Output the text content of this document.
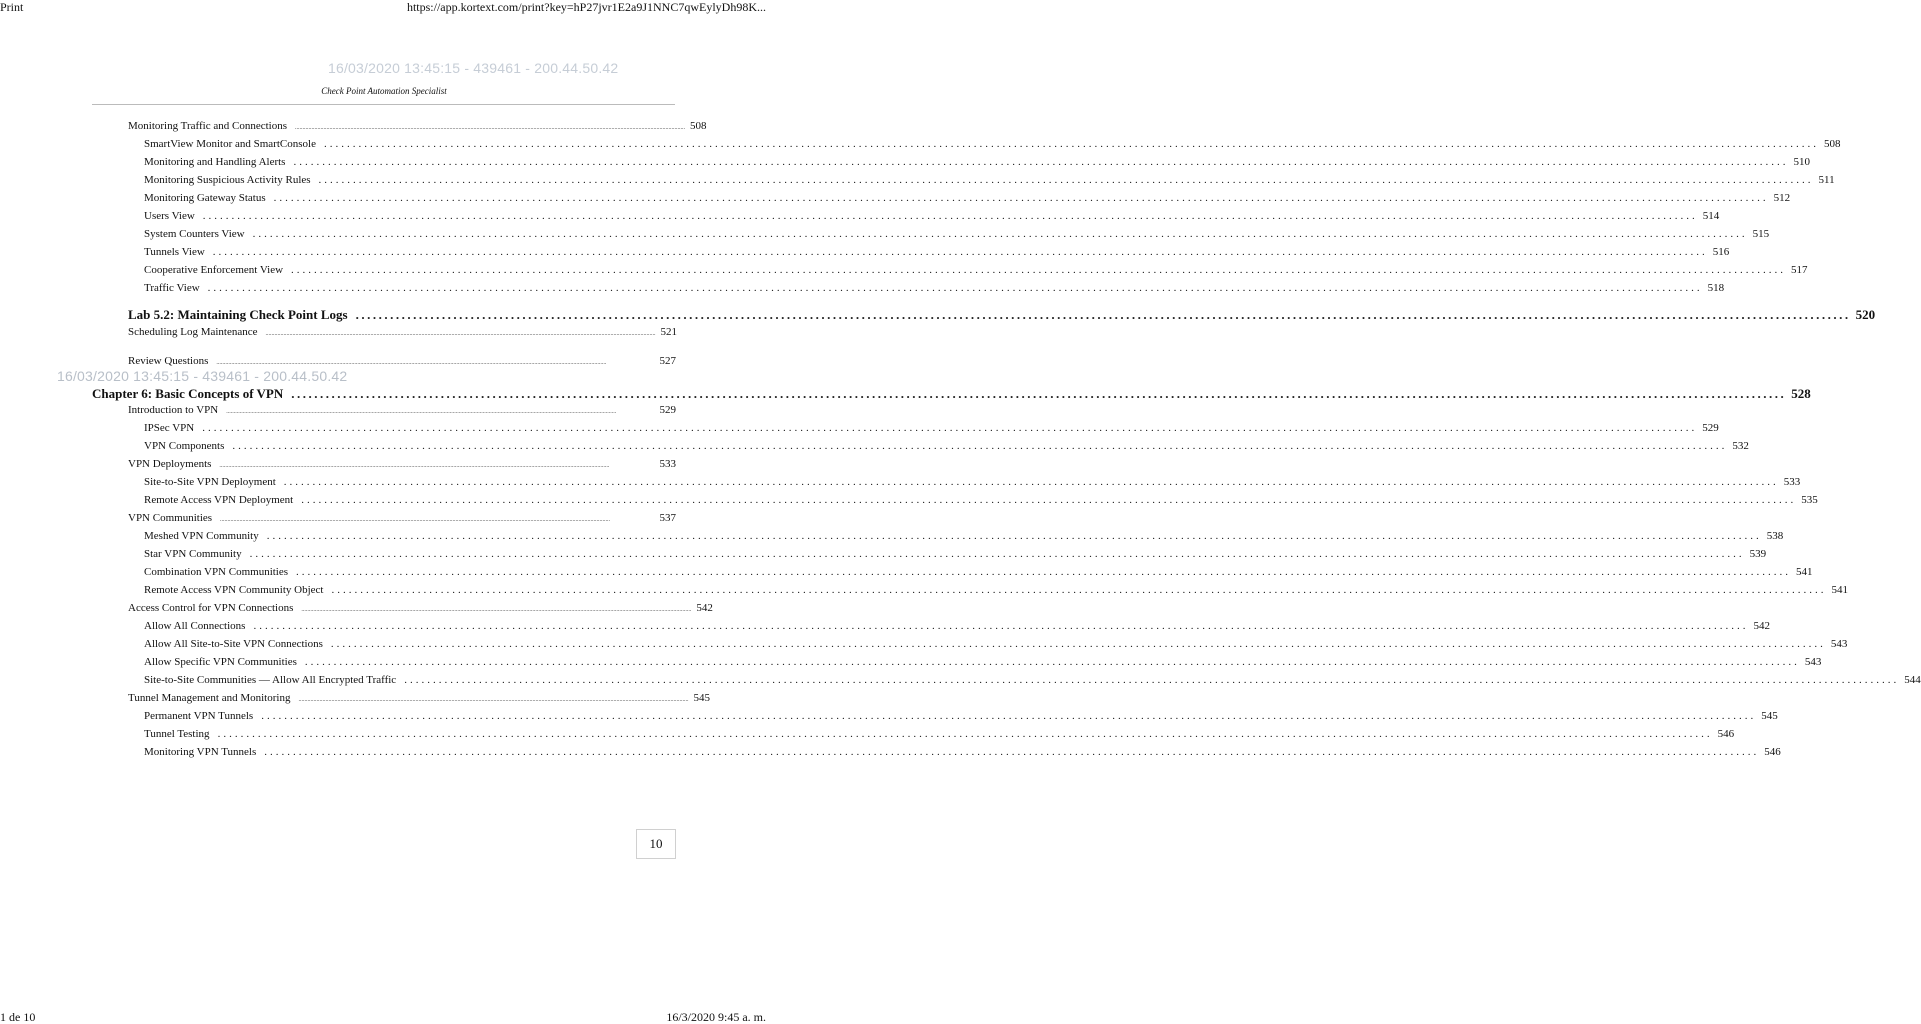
Print	https://app.kortext.com/print?key=hP27jvr1E2a9J1NNC7qwEylyDh98K...
16/03/2020 13:45:15 - 439461 - 200.44.50.42
Check Point Automation Specialist
Monitoring Traffic and Connections .................................................................................................................................................................................................................................................................... 508
SmartView Monitor and SmartConsole .................................................................................................................................................................................................................................................................... 508
Monitoring and Handling Alerts .................................................................................................................................................................................................................................................................... 510
Monitoring Suspicious Activity Rules .................................................................................................................................................................................................................................................................... 511
Monitoring Gateway Status .................................................................................................................................................................................................................................................................... 512
Users View .................................................................................................................................................................................................................................................................... 514
System Counters View .................................................................................................................................................................................................................................................................... 515
Tunnels View .................................................................................................................................................................................................................................................................... 516
Cooperative Enforcement View .................................................................................................................................................................................................................................................................... 517
Traffic View .................................................................................................................................................................................................................................................................... 518
Lab 5.2: Maintaining Check Point Logs .................................................................................................................................................................................................................................................................... 520
Scheduling Log Maintenance .................................................................................................................................................................................................................................................................... 521
Review Questions ....................................................................................................................................................................................................................................................................	527
16/03/2020 13:45:15 - 439461 - 200.44.50.42
Chapter 6: Basic Concepts of VPN .................................................................................................................................................................................................................................................................... 528
Introduction to VPN ....................................................................................................................................................................................................................................................................	529
IPSec VPN .................................................................................................................................................................................................................................................................... 529
VPN Components .................................................................................................................................................................................................................................................................... 532
VPN Deployments ....................................................................................................................................................................................................................................................................	533
Site-to-Site VPN Deployment .................................................................................................................................................................................................................................................................... 533
Remote Access VPN Deployment .................................................................................................................................................................................................................................................................... 535
VPN Communities ....................................................................................................................................................................................................................................................................	537
Meshed VPN Community .................................................................................................................................................................................................................................................................... 538
Star VPN Community .................................................................................................................................................................................................................................................................... 539
Combination VPN Communities .................................................................................................................................................................................................................................................................... 541
Remote Access VPN Community Object .................................................................................................................................................................................................................................................................... 541
Access Control for VPN Connections .................................................................................................................................................................................................................................................................... 542
Allow All Connections .................................................................................................................................................................................................................................................................... 542
Allow All Site-to-Site VPN Connections .................................................................................................................................................................................................................................................................... 543
Allow Specific VPN Communities .................................................................................................................................................................................................................................................................... 543
Site-to-Site Communities — Allow All Encrypted Traffic .................................................................................................................................................................................................................................................................... 544
Tunnel Management and Monitoring .................................................................................................................................................................................................................................................................... 545
Permanent VPN Tunnels .................................................................................................................................................................................................................................................................... 545
Tunnel Testing .................................................................................................................................................................................................................................................................... 546
Monitoring VPN Tunnels .................................................................................................................................................................................................................................................................... 546
10
1 de 10	16/3/2020 9:45 a. m.
